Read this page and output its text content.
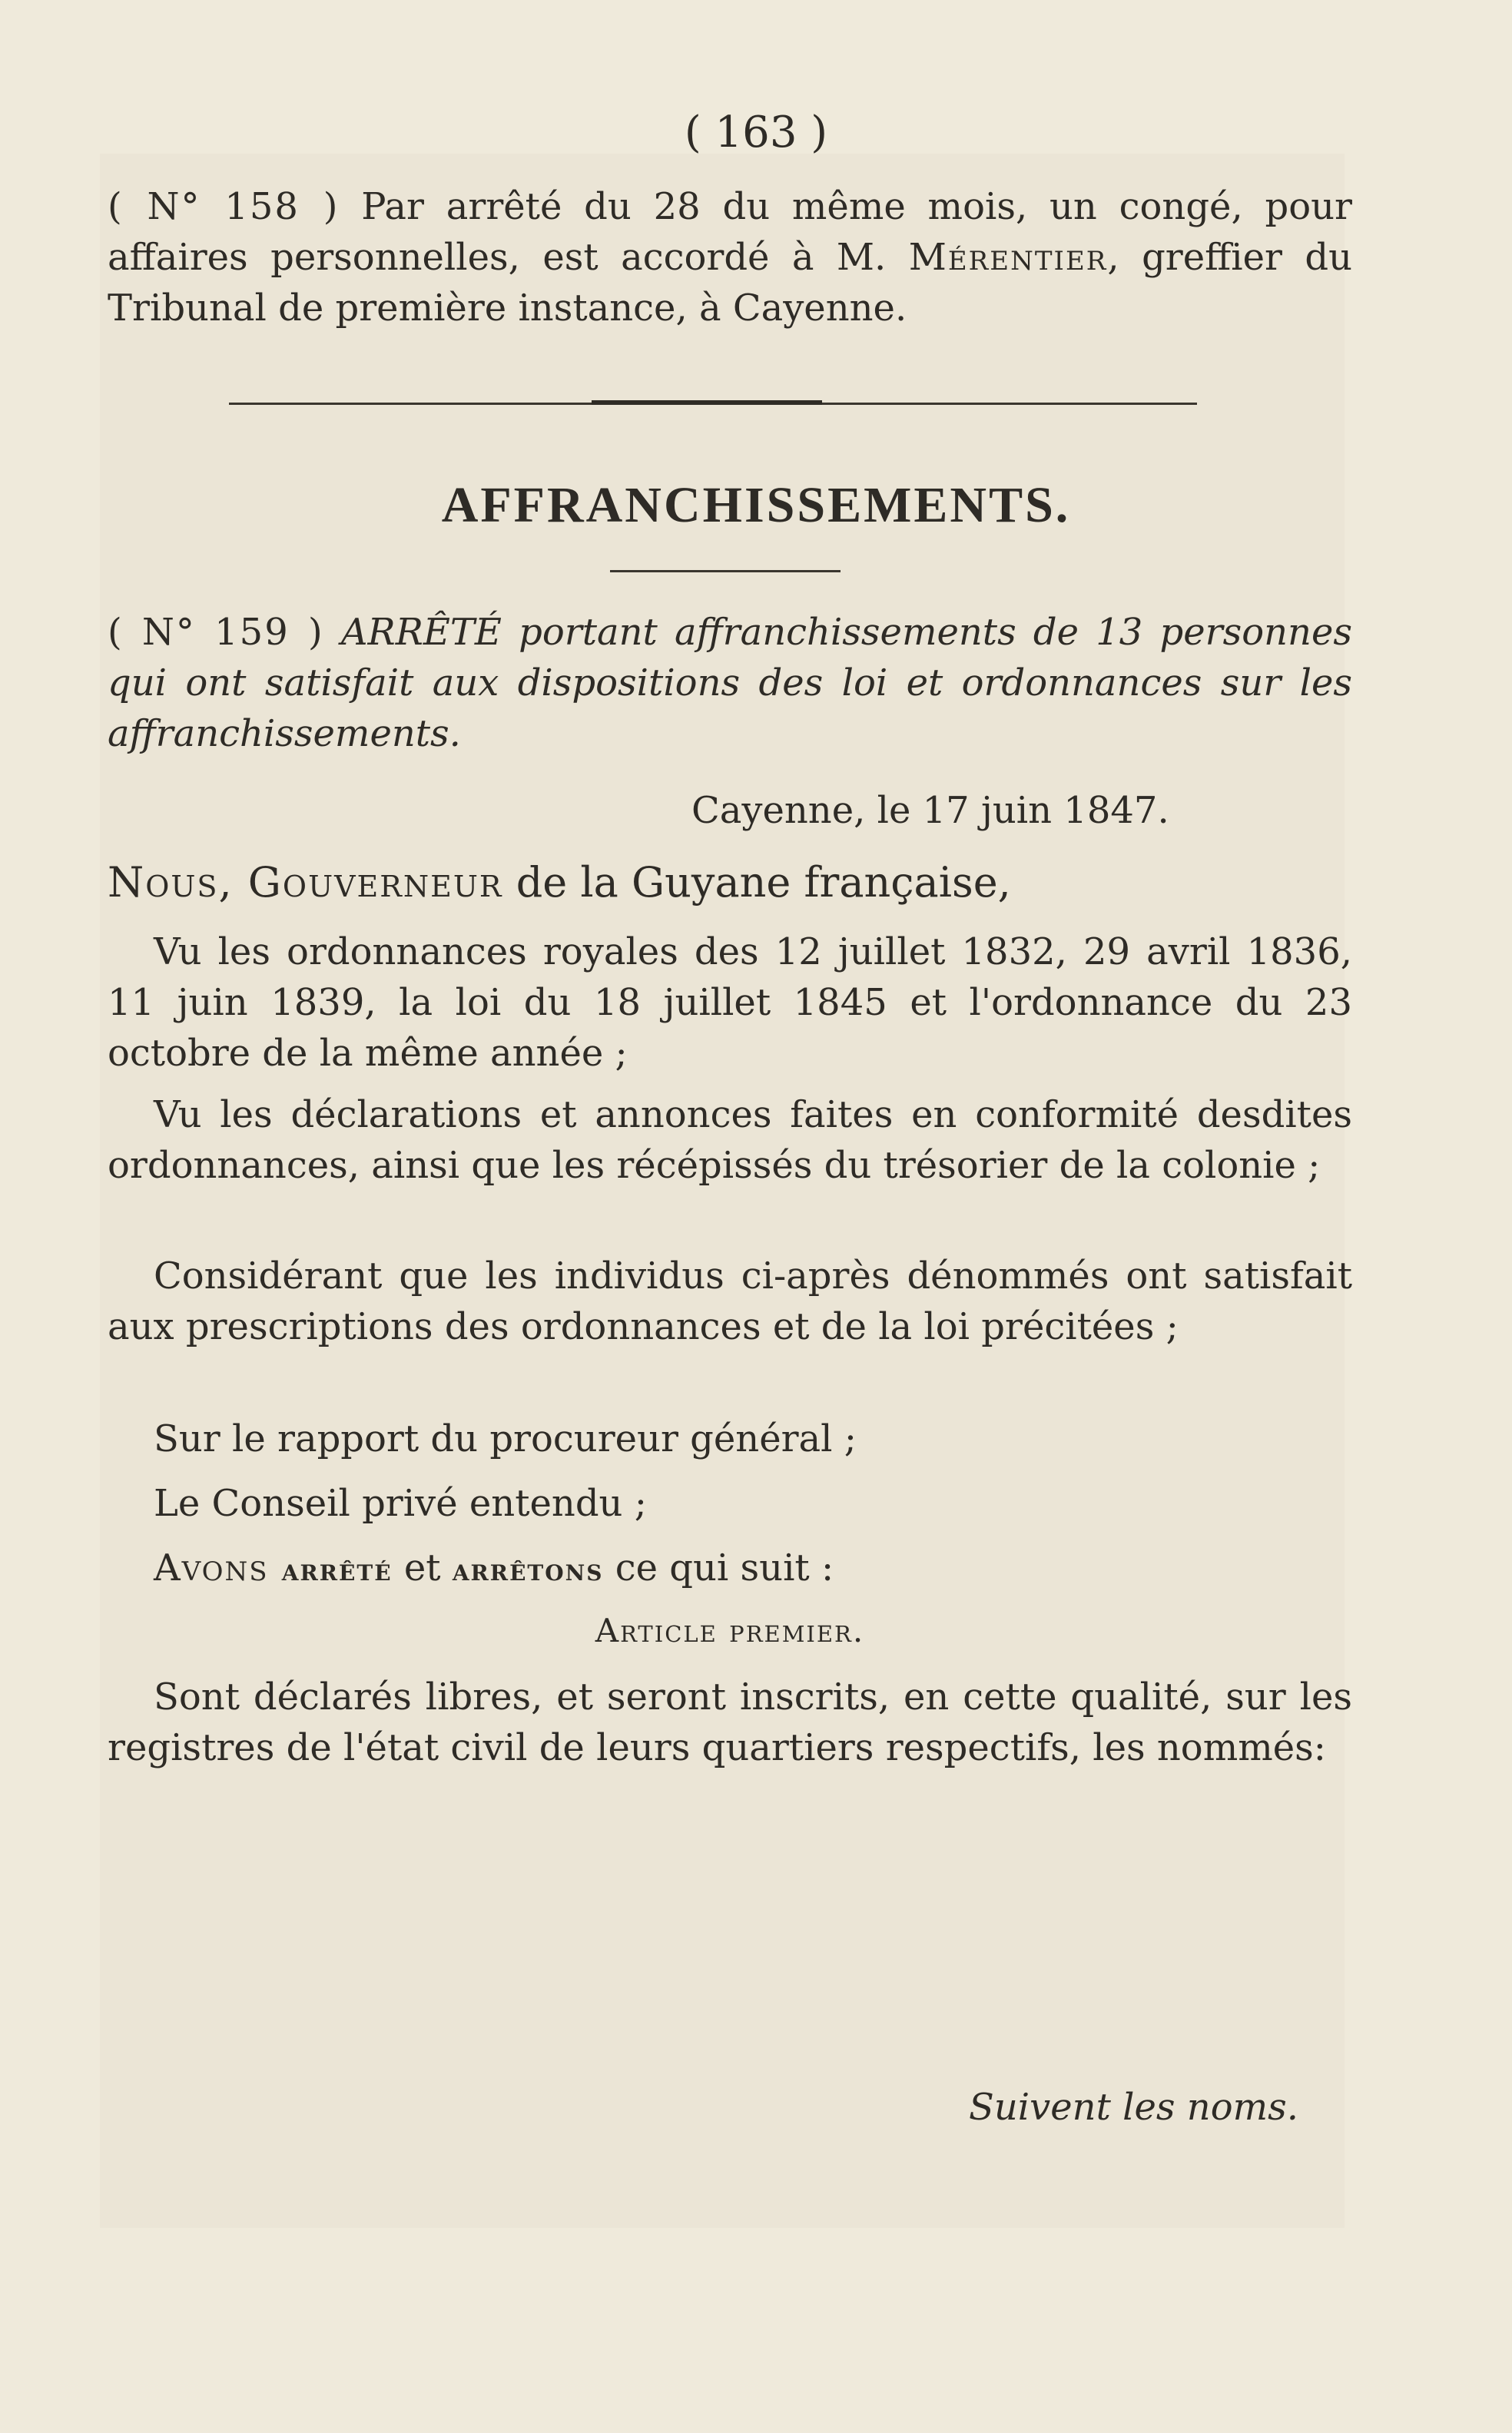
( 163 )
( N° 158 ) Par arrêté du 28 du même mois, un congé, pour affaires personnelles, est accordé à M. Mérentier, greffier du Tribunal de première instance, à Cayenne.
AFFRANCHISSEMENTS.
( N° 159 ) ARRÊTÉ portant affranchissements de 13 personnes qui ont satisfait aux dispositions des loi et ordonnances sur les affranchissements.
Cayenne, le 17 juin 1847.
Nous, Gouverneur de la Guyane française,
Vu les ordonnances royales des 12 juillet 1832, 29 avril 1836, 11 juin 1839, la loi du 18 juillet 1845 et l'ordonnance du 23 octobre de la même année ;
Vu les déclarations et annonces faites en conformité desdites ordonnances, ainsi que les récépissés du trésorier de la colonie ;
Considérant que les individus ci-après dénommés ont satisfait aux prescriptions des ordonnances et de la loi précitées ;
Sur le rapport du procureur général ;
Le Conseil privé entendu ;
Avons arrêté et arrêtons ce qui suit :
Article premier.
Sont déclarés libres, et seront inscrits, en cette qualité, sur les registres de l'état civil de leurs quartiers respectifs, les nommés:
Suivent les noms.
